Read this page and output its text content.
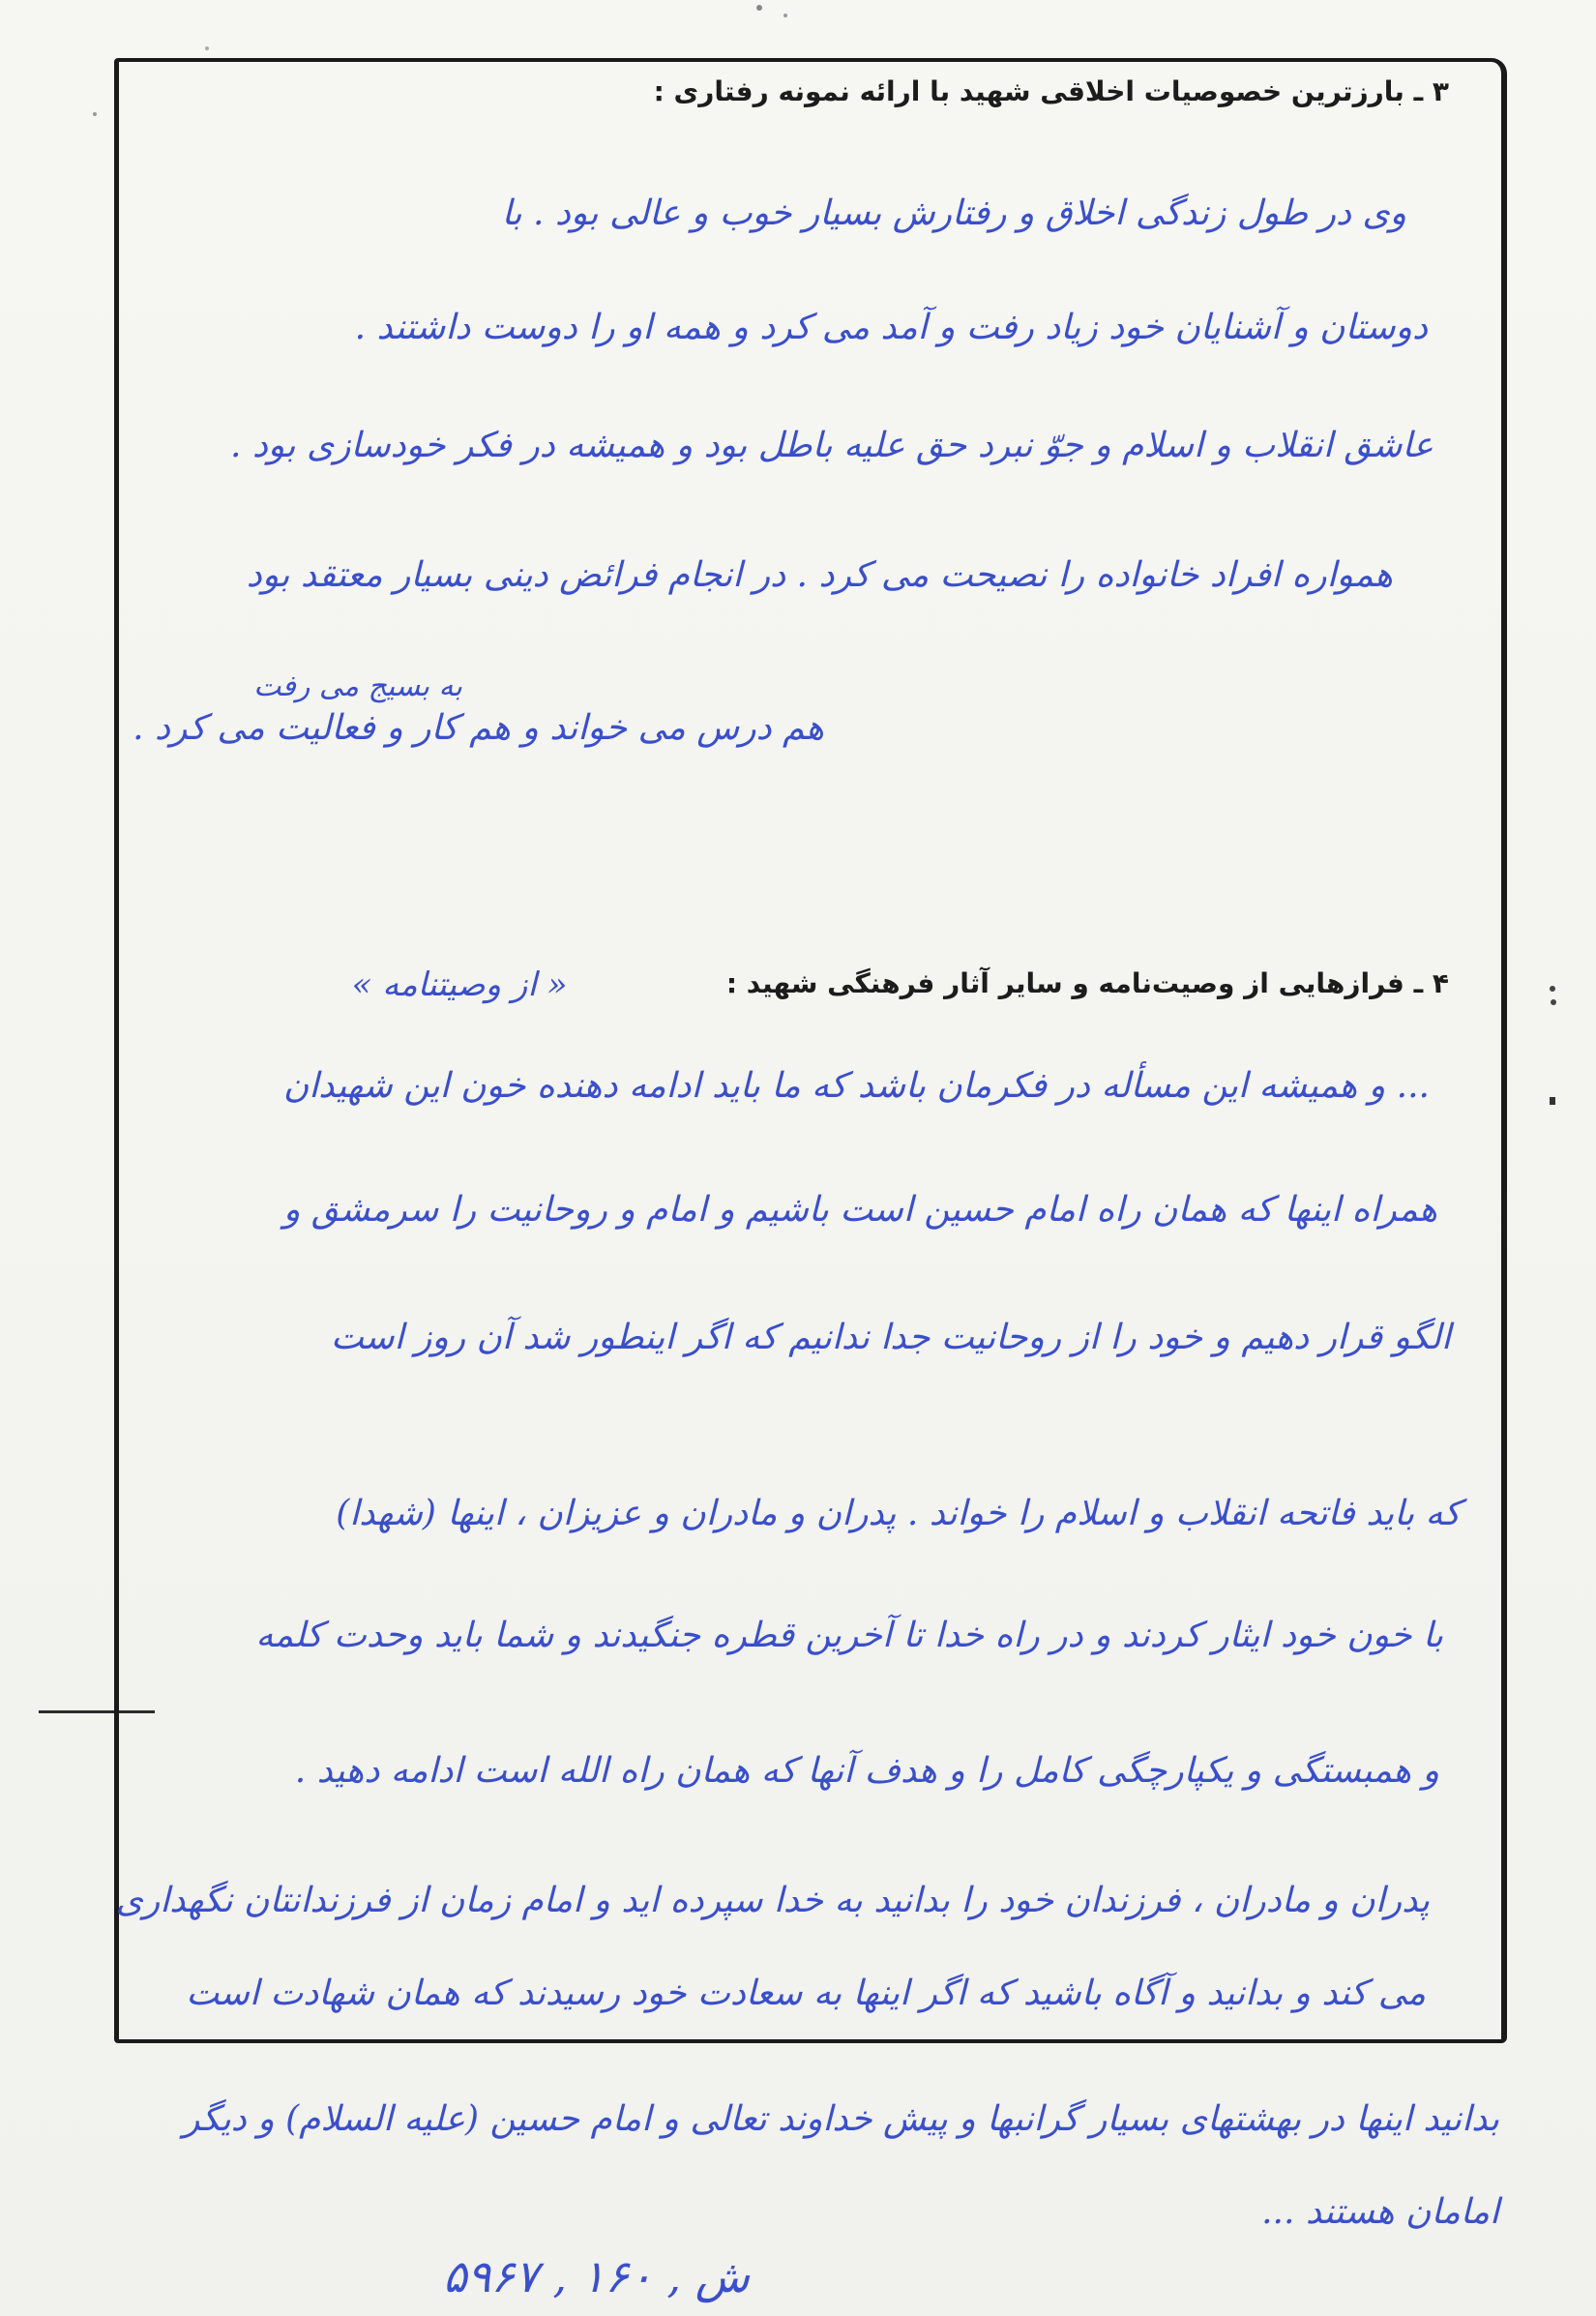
۳ ـ بارزترین خصوصیات اخلاقی شهید با ارائه نمونه رفتاری :
وی در طول زندگی اخلاق و رفتارش بسیار خوب و عالی بود . با
دوستان و آشنایان خود زیاد رفت و آمد می کرد و همه او را دوست داشتند .
عاشق انقلاب و اسلام و جوّ نبرد حق علیه باطل بود و همیشه در فکر خودسازی بود .
همواره افراد خانواده را نصیحت می کرد . در انجام فرائض دینی بسیار معتقد بود
به بسیج می رفت
هم درس می خواند و هم کار و فعالیت می کرد .
۴ ـ فرازهایی از وصیت‌نامه و سایر آثار فرهنگی شهید :
« از وصیتنامه »
... و همیشه این مسأله در فکرمان باشد که ما باید ادامه دهنده خون این شهیدان
همراه اینها که همان راه امام حسین است باشیم و امام و روحانیت را سرمشق و
الگو قرار دهیم و خود را از روحانیت جدا ندانیم که اگر اینطور شد آن روز است
که باید فاتحه انقلاب و اسلام را خواند . پدران و مادران و عزیزان ، اینها (شهدا)
با خون خود ایثار کردند و در راه خدا تا آخرین قطره جنگیدند و شما باید وحدت کلمه
و همبستگی و یکپارچگی کامل را و هدف آنها که همان راه الله است ادامه دهید .
پدران و مادران ، فرزندان خود را بدانید به خدا سپرده اید و امام زمان از فرزندانتان نگهداری
می کند و بدانید و آگاه باشید که اگر اینها به سعادت خود رسیدند که همان شهادت است
بدانید اینها در بهشتهای بسیار گرانبها و پیش خداوند تعالی و امام حسین (علیه السلام) و دیگر
امامان هستند ...
ش , ۱۶۰ , ۵۹۶۷
